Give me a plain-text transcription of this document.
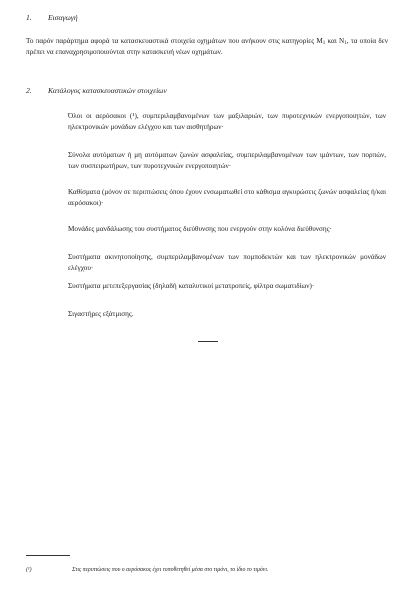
1. Εισαγωγή
Το παρόν παράρτημα αφορά τα κατασκευαστικά στοιχεία οχημάτων που ανήκουν στις κατηγορίες $M_1$ και $N_1$, τα οποία δεν πρέπει να επαναχρησιμοποιούνται στην κατασκευή νέων οχημάτων.
2. Κατάλογος κατασκευαστικών στοιχείων
Όλοι οι αερόσακοι (¹), συμπεριλαμβανομένων των μαξιλαριών, των πυροτεχνικών ενεργοποιητών, των ηλεκτρονικών μονάδων ελέγχου και των αισθητήρων·
Σύνολα αυτόματων ή μη αυτόματων ζωνών ασφαλείας, συμπεριλαμβανομένων των ιμάντων, των πορπών, των συσπειρωτήρων, των πυροτεχνικών ενεργοποιητών·
Καθίσματα (μόνον σε περιπτώσεις όπου έχουν ενσωματωθεί στο κάθισμα αγκυρώσεις ζωνών ασφαλείας ή/και αερόσακοι)·
Μονάδες μανδάλωσης του συστήματος διεύθυνσης που ενεργούν στην κολόνα διεύθυνσης·
Συστήματα ακινητοποίησης, συμπεριλαμβανομένων των πομποδεκτών και των ηλεκτρονικών μονάδων ελέγχου·
Συστήματα μετεπεξεργασίας (δηλαδή καταλυτικοί μετατροπείς, φίλτρα σωματιδίων)·
Σιγαστήρες εξάτμισης.
(¹)	Στις περιπτώσεις που ο αερόσακος έχει τοποθετηθεί μέσα στο τιμόνι, το ίδιο το τιμόνι.
